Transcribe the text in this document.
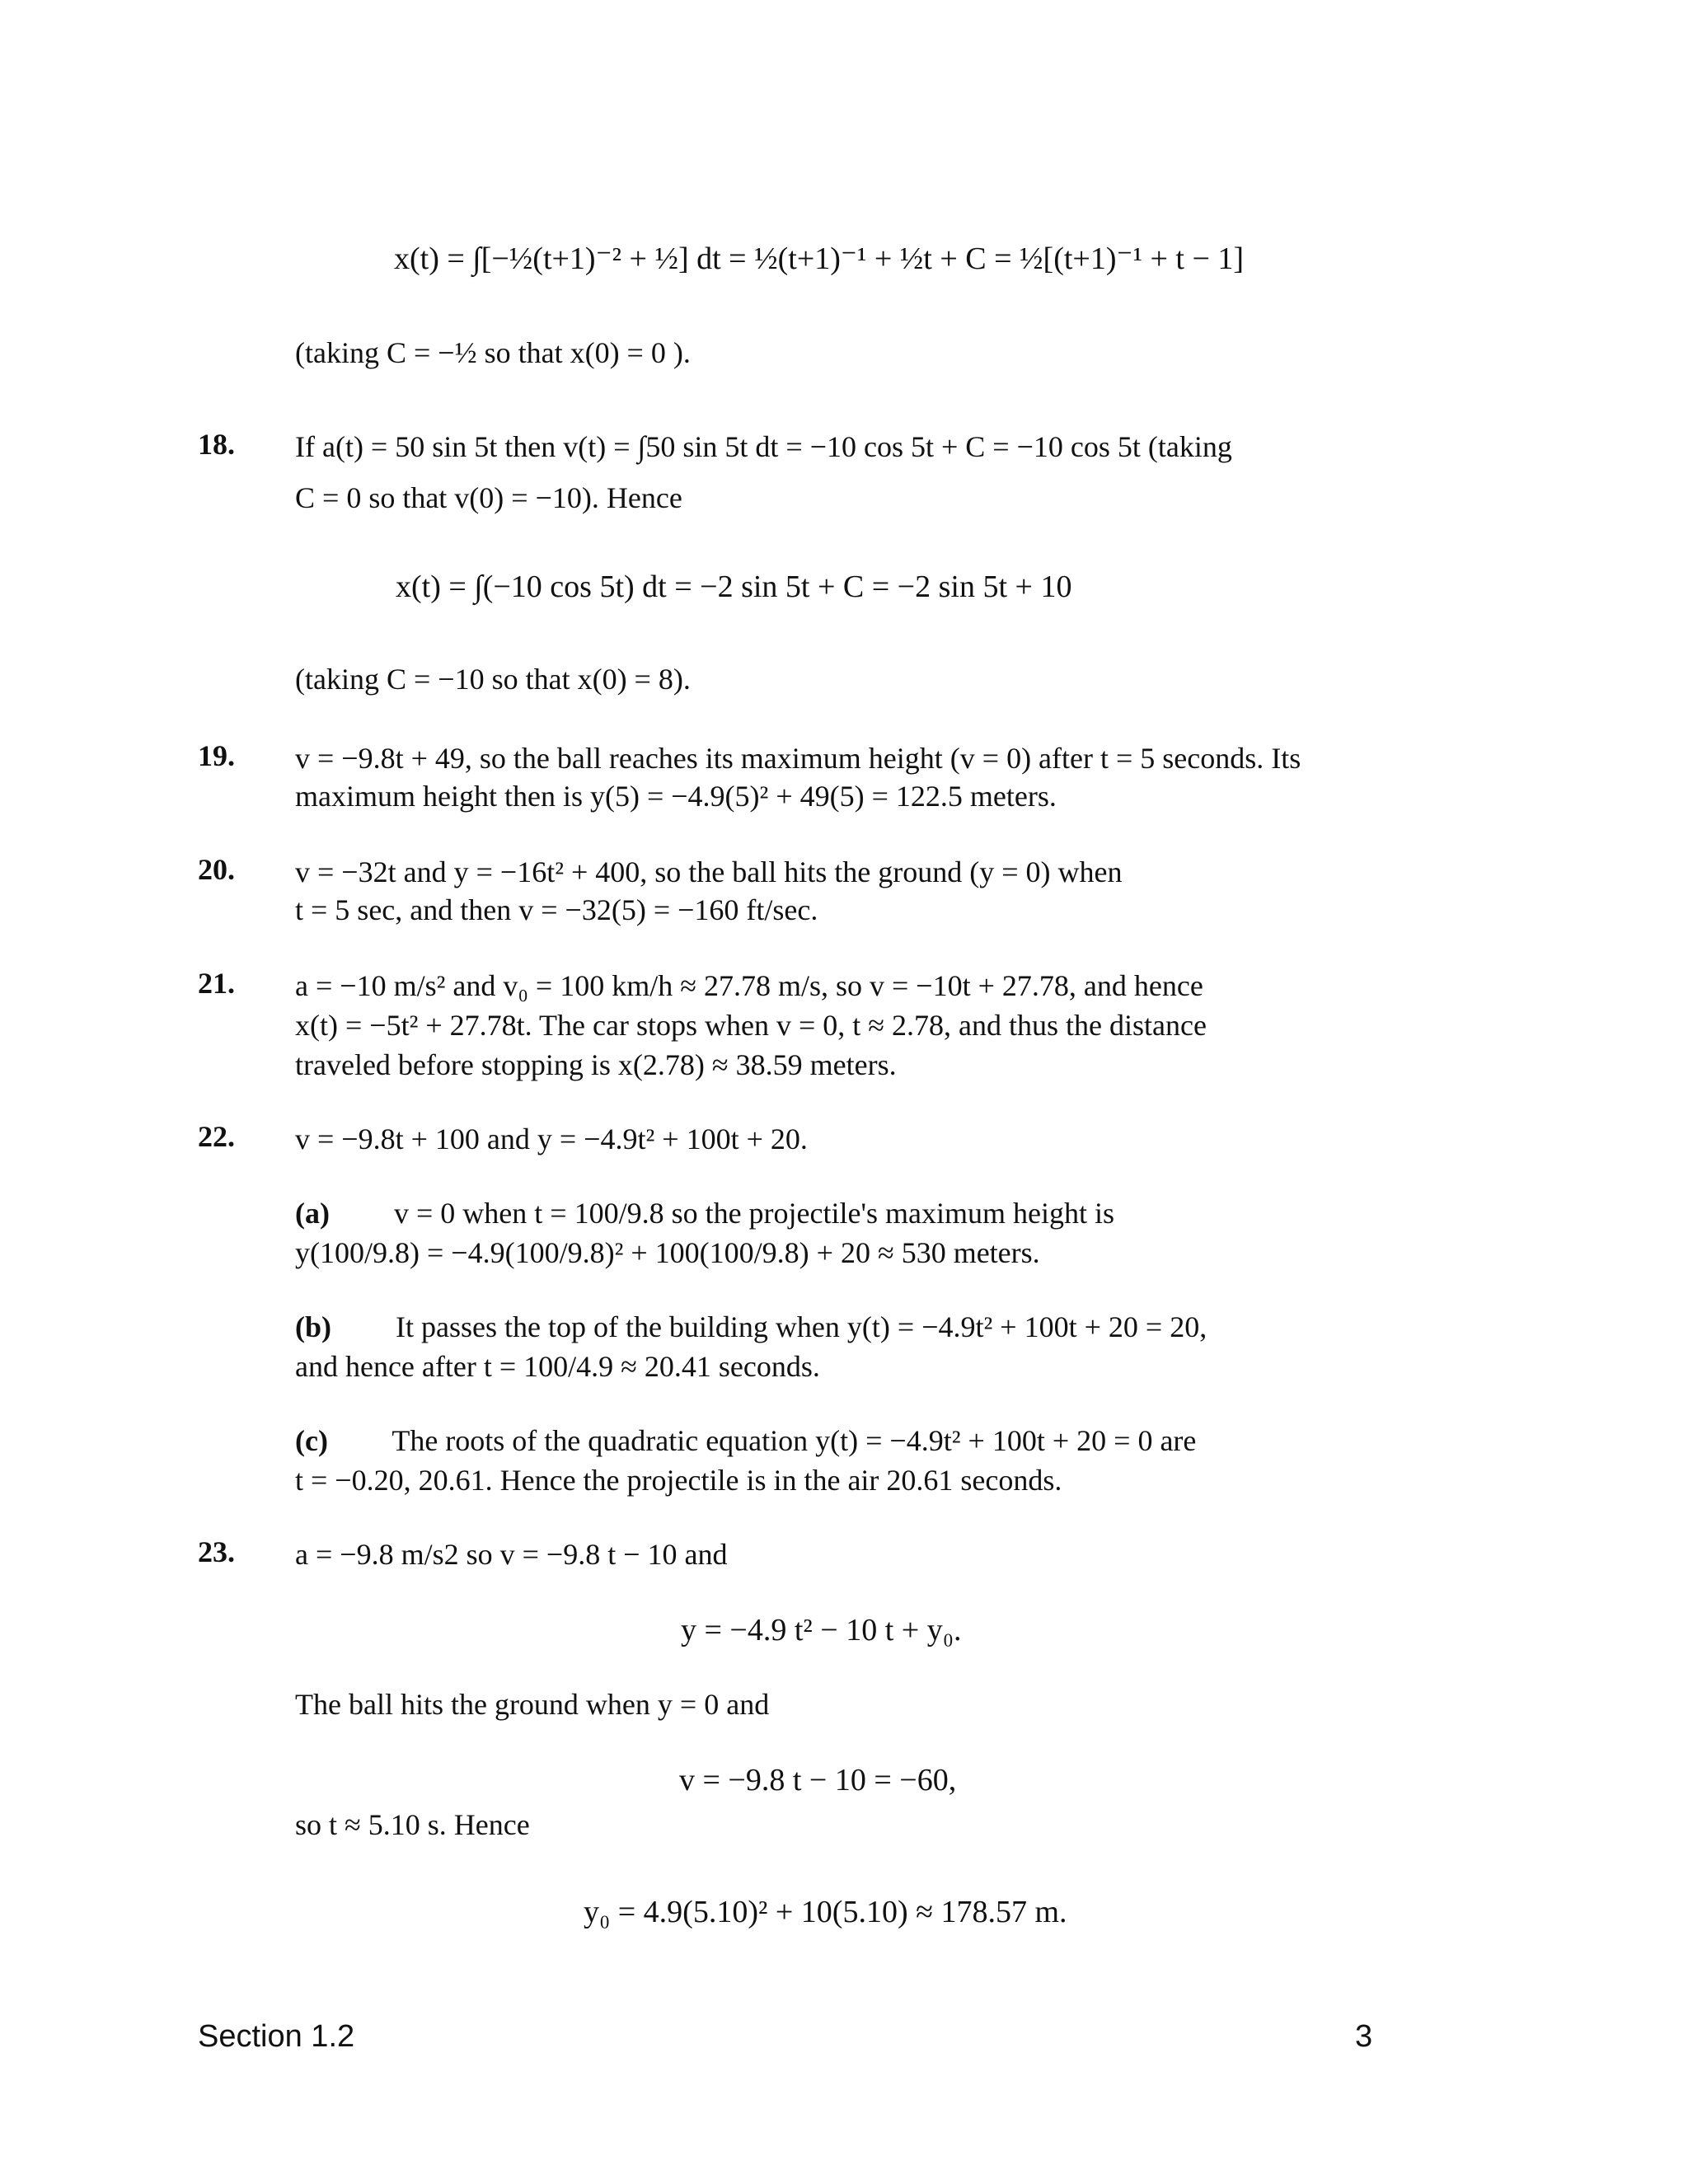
x(t) = ∫[−½(t+1)⁻² + ½] dt = ½(t+1)⁻¹ + ½t + C = ½[(t+1)⁻¹ + t − 1]
(taking C = −½ so that x(0) = 0 ).
18. If a(t) = 50 sin 5t then v(t) = ∫50 sin 5t dt = −10 cos 5t + C = −10 cos 5t (taking
C = 0 so that v(0) = −10). Hence
x(t) = ∫(−10 cos 5t) dt = −2 sin 5t + C = −2 sin 5t + 10
(taking C = −10 so that x(0) = 8).
19. v = −9.8t + 49, so the ball reaches its maximum height (v = 0) after t = 5 seconds. Its
maximum height then is y(5) = −4.9(5)² + 49(5) = 122.5 meters.
20. v = −32t and y = −16t² + 400, so the ball hits the ground (y = 0) when
t = 5 sec, and then v = −32(5) = −160 ft/sec.
21. a = −10 m/s² and v₀ = 100 km/h ≈ 27.78 m/s, so v = −10t + 27.78, and hence
x(t) = −5t² + 27.78t. The car stops when v = 0, t ≈ 2.78, and thus the distance
traveled before stopping is x(2.78) ≈ 38.59 meters.
22. v = −9.8t + 100 and y = −4.9t² + 100t + 20.
(a) v = 0 when t = 100/9.8 so the projectile's maximum height is
y(100/9.8) = −4.9(100/9.8)² + 100(100/9.8) + 20 ≈ 530 meters.
(b) It passes the top of the building when y(t) = −4.9t² + 100t + 20 = 20,
and hence after t = 100/4.9 ≈ 20.41 seconds.
(c) The roots of the quadratic equation y(t) = −4.9t² + 100t + 20 = 0 are
t = −0.20, 20.61. Hence the projectile is in the air 20.61 seconds.
23. a = −9.8 m/s2 so v = −9.8 t − 10 and
y = −4.9 t² − 10 t + y₀.
The ball hits the ground when y = 0 and
v = −9.8 t − 10 = −60,
so t ≈ 5.10 s. Hence
y₀ = 4.9(5.10)² + 10(5.10) ≈ 178.57 m.
Section 1.2	3
